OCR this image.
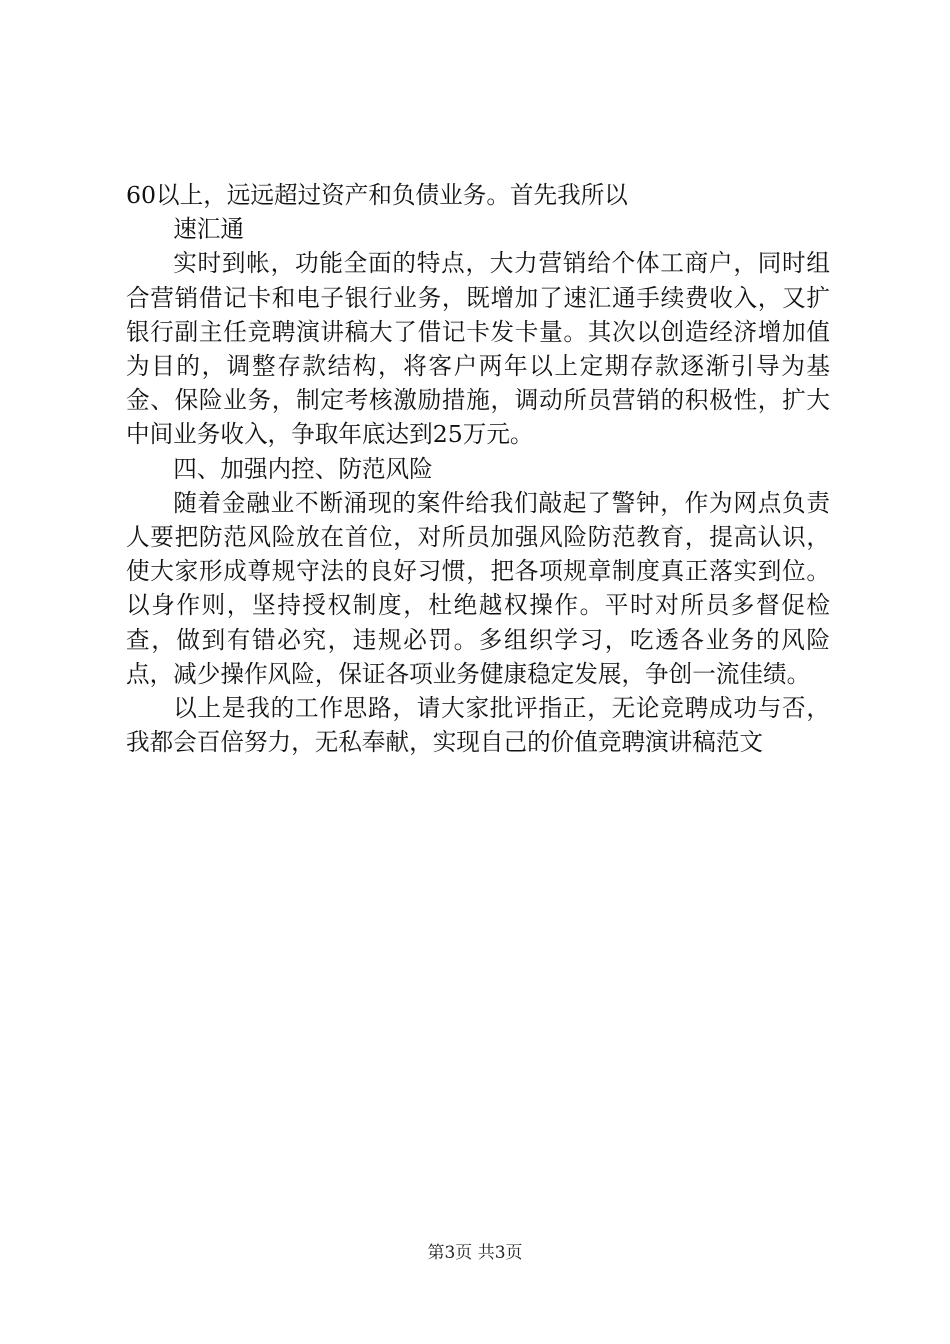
60以上，远远超过资产和负债业务。首先我所以

速汇通

实时到帐，功能全面的特点，大力营销给个体工商户，同时组合营销借记卡和电子银行业务，既增加了速汇通手续费收入，又扩银行副主任竞聘演讲稿大了借记卡发卡量。其次以创造经济增加值为目的，调整存款结构，将客户两年以上定期存款逐渐引导为基金、保险业务，制定考核激励措施，调动所员营销的积极性，扩大中间业务收入，争取年底达到25万元。

四、加强内控、防范风险

随着金融业不断涌现的案件给我们敲起了警钟，作为网点负责人要把防范风险放在首位，对所员加强风险防范教育，提高认识，使大家形成尊规守法的良好习惯，把各项规章制度真正落实到位。以身作则，坚持授权制度，杜绝越权操作。平时对所员多督促检查，做到有错必究，违规必罚。多组织学习，吃透各业务的风险点，减少操作风险，保证各项业务健康稳定发展，争创一流佳绩。

以上是我的工作思路，请大家批评指正，无论竞聘成功与否，我都会百倍努力，无私奉献，实现自己的价值竞聘演讲稿范文

第3页 共3页
